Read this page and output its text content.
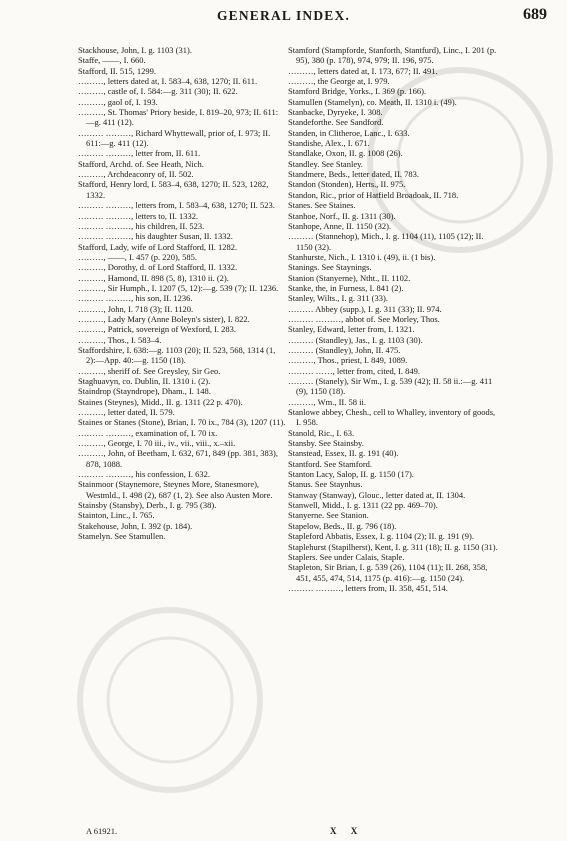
GENERAL INDEX.	689

Stackhouse, John, I. g. 1103 (31).

Staffe, ——, I. 660.

Stafford, II. 515, 1299.

………, letters dated at, I. 583–4, 638, 1270; II. 611.

………, castle of, I. 584:—g. 311 (30); II. 622.

………, gaol of, I. 193.

………, St. Thomas' Priory beside, I. 819–20, 973; II. 611:—g. 411 (12).

……… ………, Richard Whyttewall, prior of, I. 973; II. 611:—g. 411 (12).

……… ………, letter from, II. 611.

Stafford, Archd. of. See Heath, Nich.

………, Archdeaconry of, II. 502.

Stafford, Henry lord, I. 583–4, 638, 1270; II. 523, 1282, 1332.

……… ………, letters from, I. 583–4, 638, 1270; II. 523.

……… ………, letters to, II. 1332.

……… ………, his children, II. 523.

……… ………, his daughter Susan, II. 1332.

Stafford, Lady, wife of Lord Stafford, II. 1282.

………, ——, I. 457 (p. 220), 585.

………, Dorothy, d. of Lord Stafford, II. 1332.

………, Hamond, II. 898 (5, 8), 1310 ii. (2).

………, Sir Humph., I. 1207 (5, 12):—g. 539 (7); II. 1236.

……… ………, his son, II. 1236.

………, John, I. 718 (3); II. 1120.

………, Lady Mary (Anne Boleyn's sister), I. 822.

………, Patrick, sovereign of Wexford, I. 283.

………, Thos., I. 583–4.

Staffordshire, I. 638:—g. 1103 (20); II. 523, 568, 1314 (1, 2):—App. 40:—g. 1150 (18).

………, sheriff of. See Greysley, Sir Geo.

Staghuavyn, co. Dublin, II. 1310 i. (2).

Staindrop (Stayndrope), Dham., I. 148.

Staines (Steynes), Midd., II. g. 1311 (22 p. 470).

………, letter dated, II. 579.

Staines or Stanes (Stone), Brian, I. 70 ix., 784 (3), 1207 (11).

……… ………, examination of, I. 70 ix.

………, George, I. 70 iii., iv., vii., viii., x.–xii.

………, John, of Beetham, I. 632, 671, 849 (pp. 381, 383), 878, 1088.

……… ………, his confession, I. 632.

Stainmoor (Staynemore, Steynes More, Stanesmore), Westmld., I. 498 (2), 687 (1, 2). See also Austen More.

Stainsby (Stansby), Derb., I. g. 795 (38).

Stainton, Linc., I. 765.

Stakehouse, John, I. 392 (p. 184).

Stamelyn. See Stamullen.

Stamford (Stampforde, Stanforth, Stantfurd), Linc., I. 201 (p. 95), 380 (p. 178), 974, 979; II. 196, 975.

………, letters dated at, I. 173, 677; II. 491.

………, the George at, I. 979.

Stamford Bridge, Yorks., I. 369 (p. 166).

Stamullen (Stamelyn), co. Meath, II. 1310 i. (49).

Stanbacke, Dyryeke, I. 308.

Standeforthe. See Sandford.

Standen, in Clitheroe, Lanc., I. 633.

Standishe, Alex., I. 671.

Standlake, Oxon, II. g. 1008 (26).

Standley. See Stanley.

Standmere, Beds., letter dated, II. 783.

Standon (Stonden), Herts., II. 975.

Standon, Ric., prior of Hatfield Broadoak, II. 718.

Stanes. See Staines.

Stanhoe, Norf., II. g. 1311 (30).

Stanhope, Anne, II. 1150 (32).

……… (Stannehop), Mich., I. g. 1104 (11), 1105 (12); II. 1150 (32).

Stanhurste, Nich., I. 1310 i. (49), ii. (1 bis).

Stanings. See Staynings.

Stanion (Stanyerne), Ntht., II. 1102.

Stanke, the, in Furness, I. 841 (2).

Stanley, Wilts., I. g. 311 (33).

……… Abbey (supp.), I. g. 311 (33); II. 974.

……… ………, abbot of. See Morley, Thos.

Stanley, Edward, letter from, I. 1321.

……… (Standley), Jas., I. g. 1103 (30).

……… (Standley), John, II. 475.

………, Thos., priest, I. 849, 1089.

……… ……, letter from, cited, I. 849.

……… (Stanely), Sir Wm., I. g. 539 (42); II. 58 ii.:—g. 411 (9), 1150 (18).

………, Wm., II. 58 ii.

Stanlowe abbey, Chesh., cell to Whalley, inventory of goods, I. 958.

Stanold, Ric., I. 63.

Stansby. See Stainsby.

Stanstead, Essex, II. g. 191 (40).

Stantford. See Stamford.

Stanton Lacy, Salop, II. g. 1150 (17).

Stanus. See Staynhus.

Stanway (Stanway), Glouc., letter dated at, II. 1304.

Stanwell, Midd., I. g. 1311 (22 pp. 469–70).

Stanyerne. See Stanion.

Stapelow, Beds., II. g. 796 (18).

Stapleford Abbatis, Essex, I. g. 1104 (2); II. g. 191 (9).

Staplehurst (Stapilherst), Kent, I. g. 311 (18); II. g. 1150 (31).

Staplers. See under Calais, Staple.

Stapleton, Sir Brian, I. g. 539 (26), 1104 (11); II. 268, 358, 451, 455, 474, 514, 1175 (p. 416):—g. 1150 (24).

……… ………, letters from, II. 358, 451, 514.

A 61921.	X X
